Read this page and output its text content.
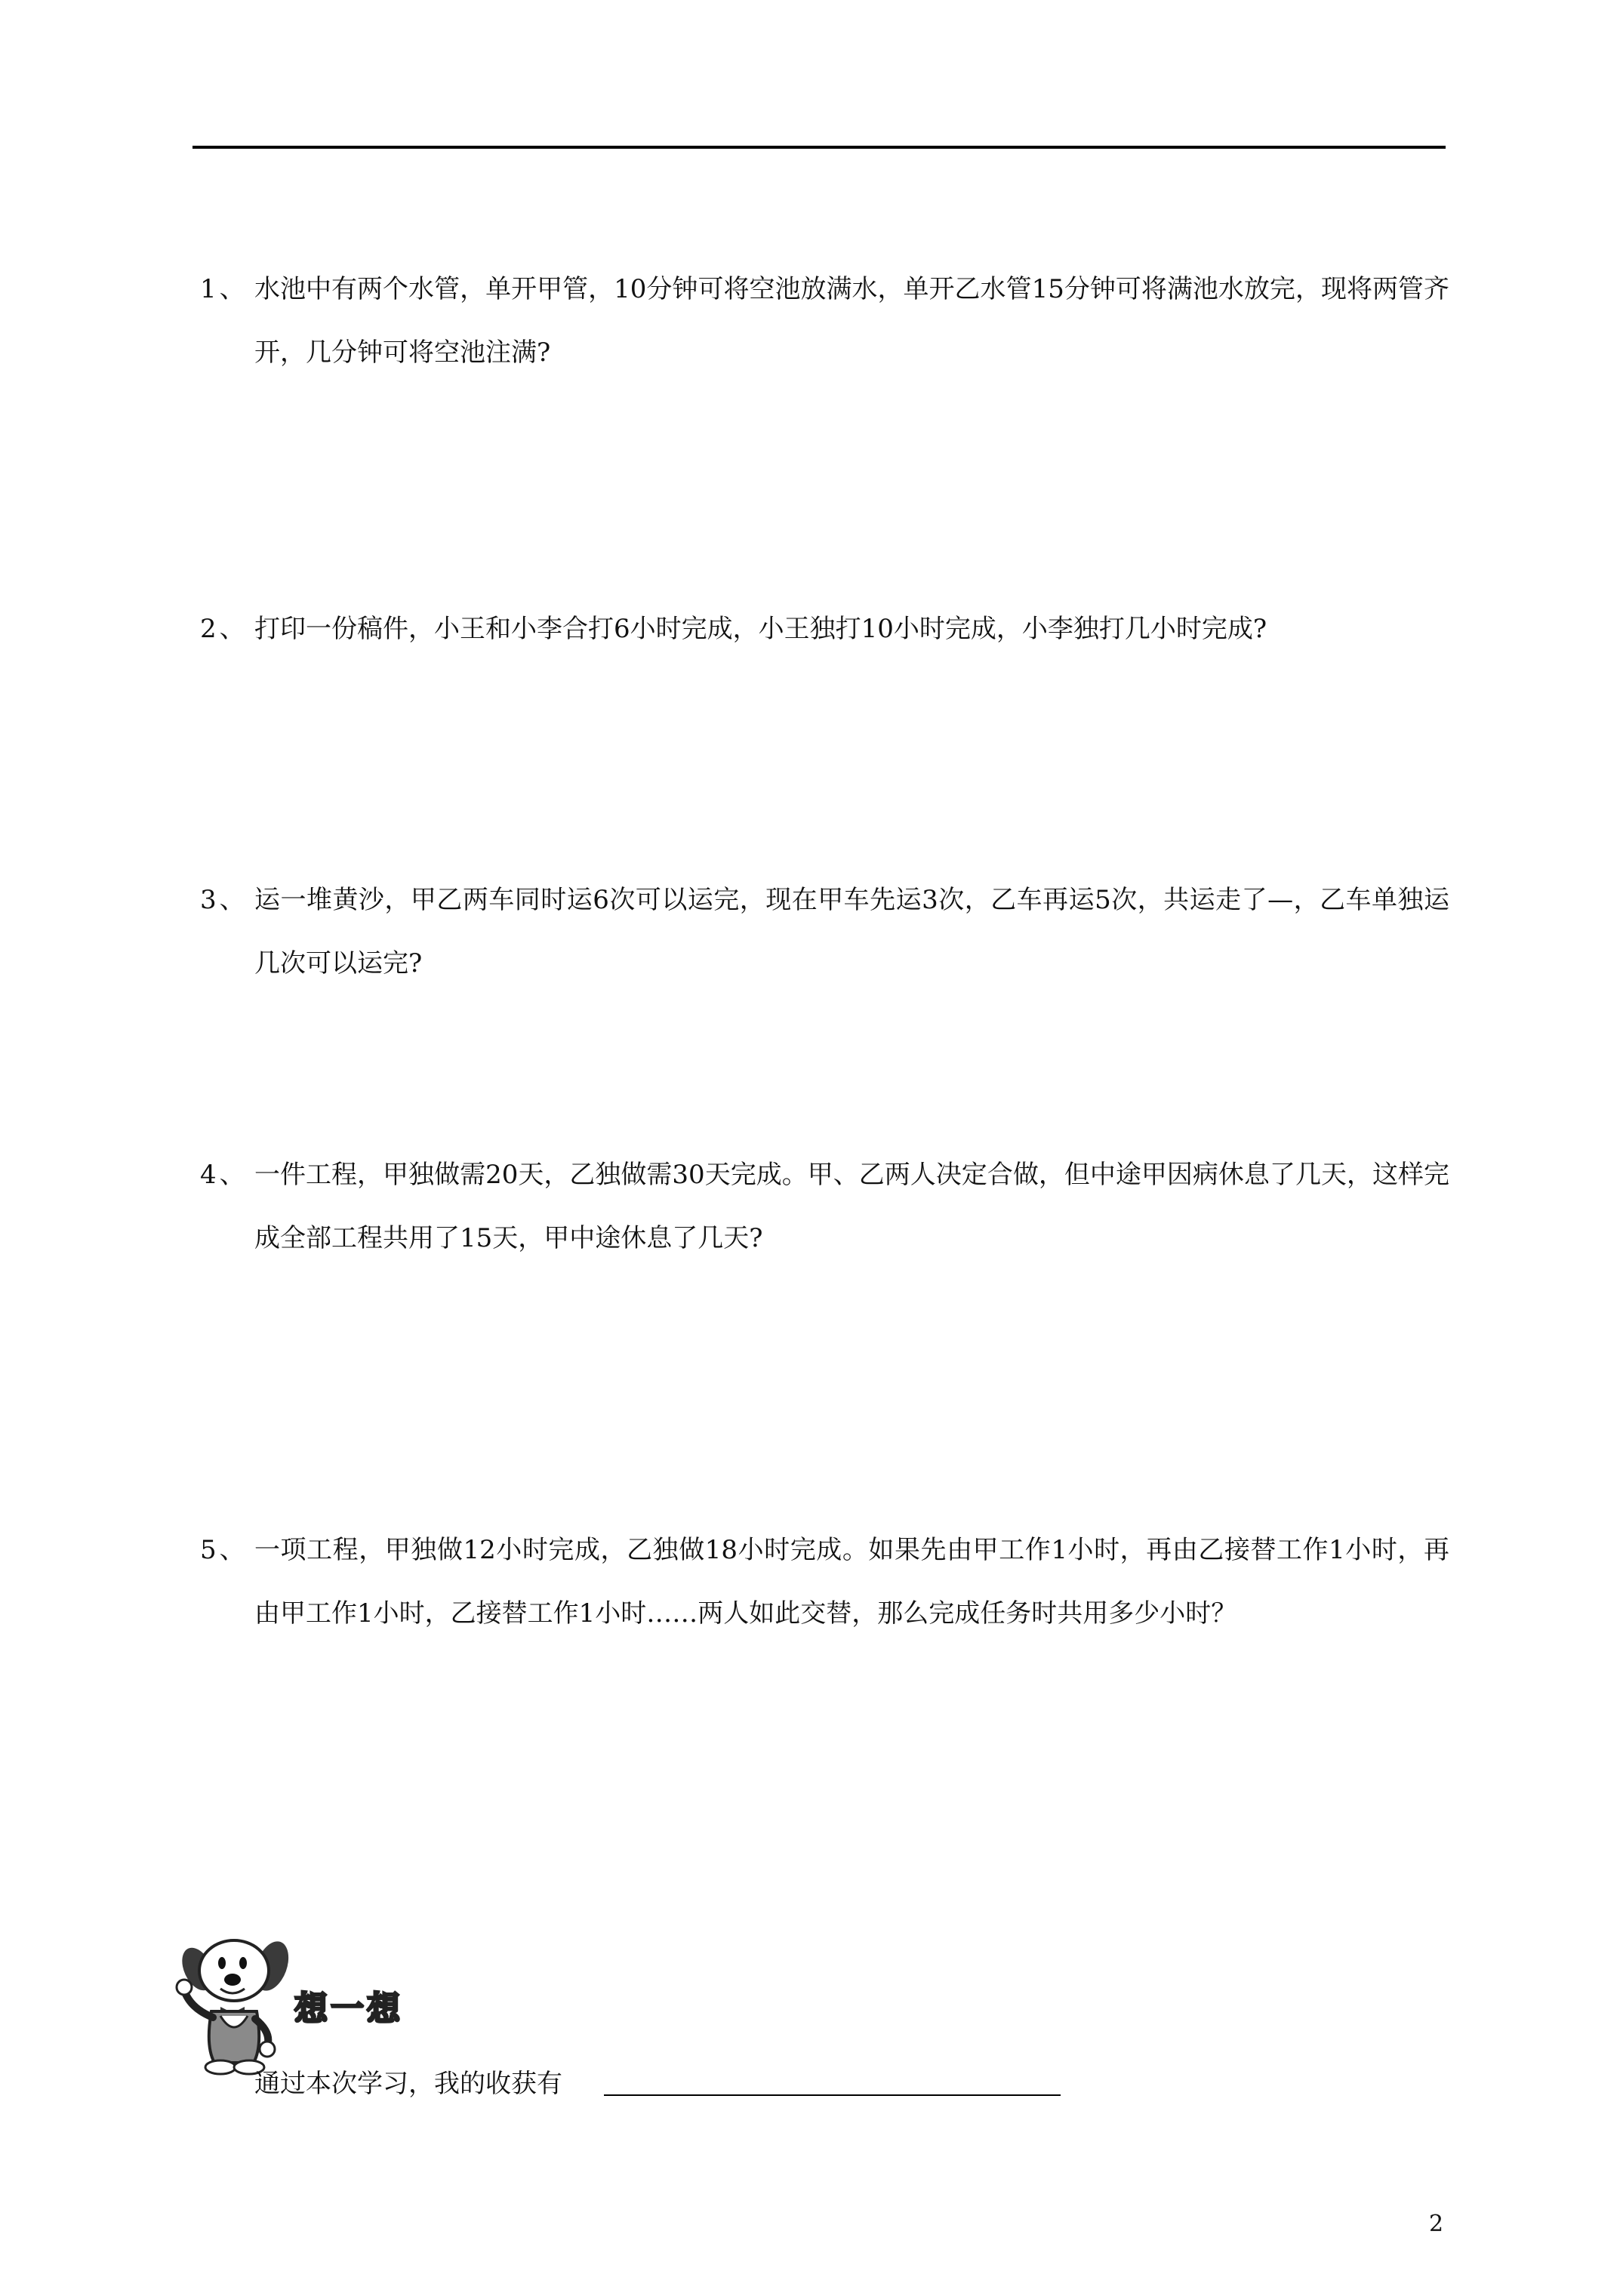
1、 水池中有两个水管，单开甲管，10分钟可将空池放满水，单开乙水管15分钟可将满池水放完，现将两管齐开，几分钟可将空池注满?
2、 打印一份稿件，小王和小李合打6小时完成，小王独打10小时完成，小李独打几小时完成?
3、 运一堆黄沙，甲乙两车同时运6次可以运完，现在甲车先运3次，乙车再运5次，共运走了—，乙车单独运几次可以运完?
4、 一件工程，甲独做需20天，乙独做需30天完成。甲、乙两人决定合做，但中途甲因病休息了几天，这样完成全部工程共用了15天，甲中途休息了几天?
5、 一项工程，甲独做12小时完成，乙独做18小时完成。如果先由甲工作1小时，再由乙接替工作1小时，再由甲工作1小时，乙接替工作1小时……两人如此交替，那么完成任务时共用多少小时？
想一想
通过本次学习，我的收获有
2
